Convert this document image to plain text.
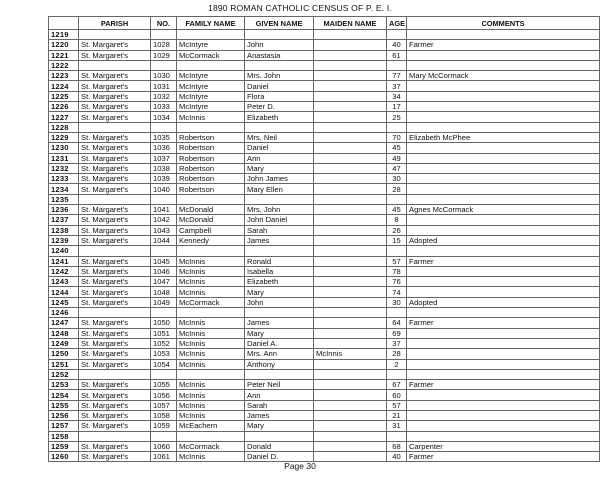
1890 ROMAN CATHOLIC CENSUS OF P. E. I.
	PARISH	NO.	FAMILY NAME	GIVEN NAME	MAIDEN NAME	AGE	COMMENTS
1219							
1220	St. Margaret's	1028	McIntyre	John		40	Farmer
1221	St. Margaret's	1029	McCormack	Anastasia		61	
1222							
1223	St. Margaret's	1030	McIntyre	Mrs. John		77	Mary McCormack
1224	St. Margaret's	1031	McIntyre	Daniel		37	
1225	St. Margaret's	1032	McIntyre	Flora		34	
1226	St. Margaret's	1033	McIntyre	Peter D.		17	
1227	St. Margaret's	1034	McInnis	Elizabeth		25	
1228							
1229	St. Margaret's	1035	Robertson	Mrs. Neil		70	Elizabeth McPhee
1230	St. Margaret's	1036	Robertson	Daniel		45	
1231	St. Margaret's	1037	Robertson	Ann		49	
1232	St. Margaret's	1038	Robertson	Mary		47	
1233	St. Margaret's	1039	Robertson	John James		30	
1234	St. Margaret's	1040	Robertson	Mary Ellen		28	
1235							
1236	St. Margaret's	1041	McDonald	Mrs. John		45	Agnes McCormack
1237	St. Margaret's	1042	McDonald	John Daniel		8	
1238	St. Margaret's	1043	Campbell	Sarah		26	
1239	St. Margaret's	1044	Kennedy	James		15	Adopted
1240							
1241	St. Margaret's	1045	McInnis	Ronald		57	Farmer
1242	St. Margaret's	1046	McInnis	Isabella		78	
1243	St. Margaret's	1047	McInnis	Elizabeth		76	
1244	St. Margaret's	1048	McInnis	Mary		74	
1245	St. Margaret's	1049	McCormack	John		30	Adopted
1246							
1247	St. Margaret's	1050	McInnis	James		64	Farmer
1248	St. Margaret's	1051	McInnis	Mary		69	
1249	St. Margaret's	1052	McInnis	Daniel A.		37	
1250	St. Margaret's	1053	McInnis	Mrs. Ann	McInnis	28	
1251	St. Margaret's	1054	McInnis	Anthony		2	
1252							
1253	St. Margaret's	1055	McInnis	Peter Neil		67	Farmer
1254	St. Margaret's	1056	McInnis	Ann		60	
1255	St. Margaret's	1057	McInnis	Sarah		57	
1256	St. Margaret's	1058	McInnis	James		21	
1257	St. Margaret's	1059	McEachern	Mary		31	
1258							
1259	St. Margaret's	1060	McCormack	Donald		68	Carpenter
1260	St. Margaret's	1061	McInnis	Daniel D.		40	Farmer
Page 30
